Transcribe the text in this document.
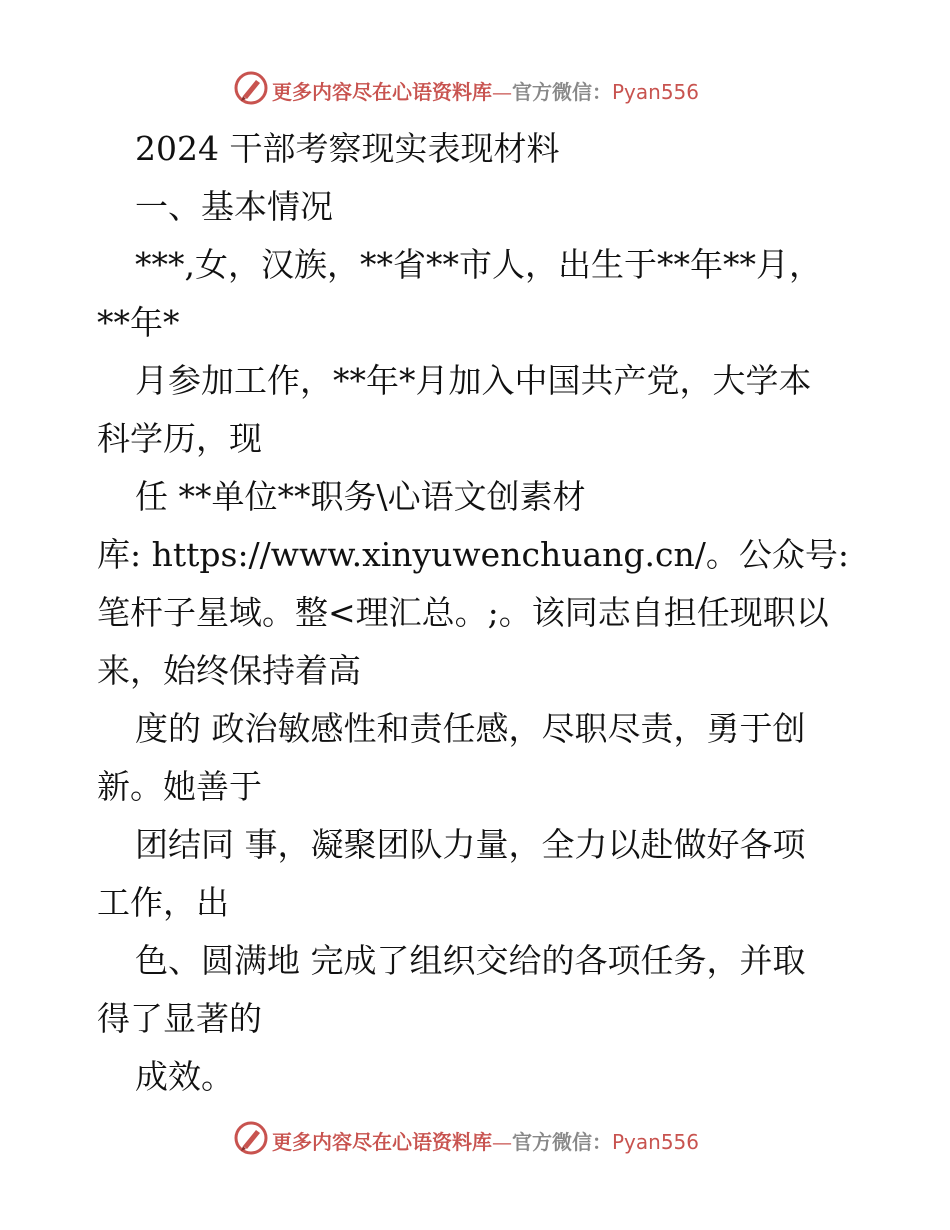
更多内容尽在心语资料库—官方微信：Pyan556
2024 干部考察现实表现材料
一、基本情况
***,女，汉族，**省**市人，出生于**年**月，
**年*
月参加工作，**年*月加入中国共产党，大学本
科学历，现
任 **单位**职务\心语文创素材
库: https://www.xinyuwenchuang.cn/。公众号:
笔杆子星域。整<理汇总。;。该同志自担任现职以
来，始终保持着高
度的 政治敏感性和责任感，尽职尽责，勇于创
新。她善于
团结同 事，凝聚团队力量，全力以赴做好各项
工作，出
色、圆满地 完成了组织交给的各项任务，并取
得了显著的
成效。
更多内容尽在心语资料库—官方微信：Pyan556
